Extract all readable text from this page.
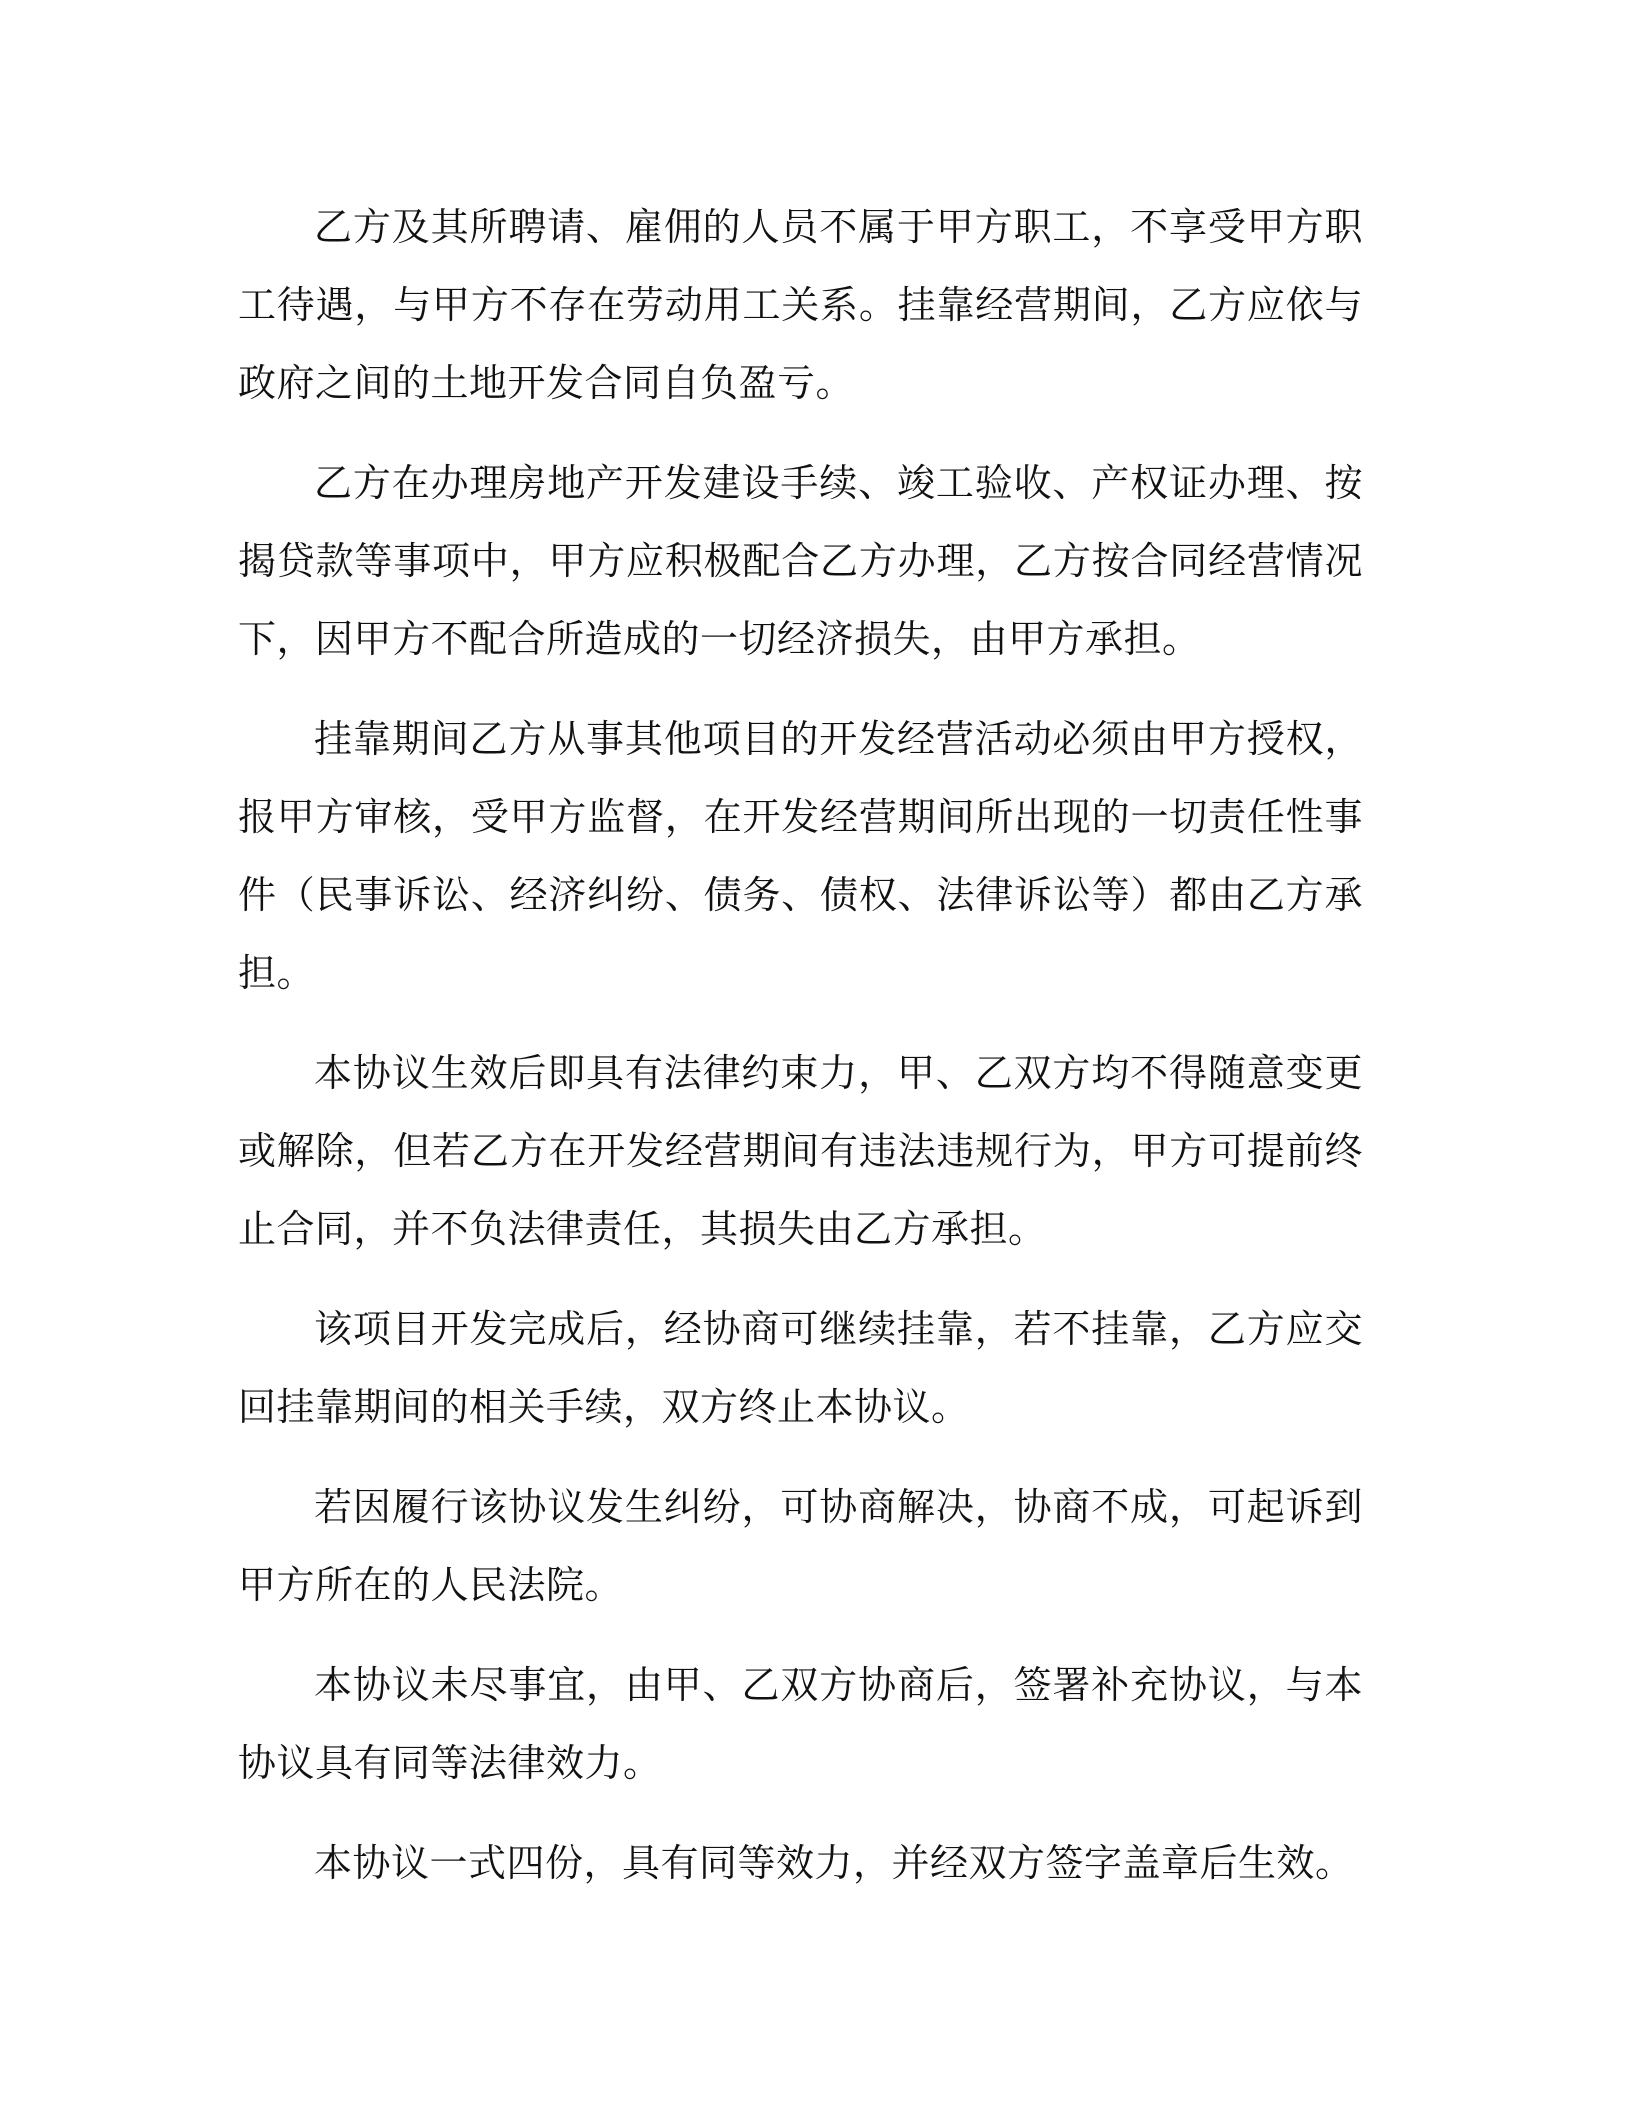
乙方及其所聘请、雇佣的人员不属于甲方职工，不享受甲方职工待遇，与甲方不存在劳动用工关系。挂靠经营期间，乙方应依与政府之间的土地开发合同自负盈亏。

乙方在办理房地产开发建设手续、竣工验收、产权证办理、按揭贷款等事项中，甲方应积极配合乙方办理，乙方按合同经营情况下，因甲方不配合所造成的一切经济损失，由甲方承担。

挂靠期间乙方从事其他项目的开发经营活动必须由甲方授权，报甲方审核，受甲方监督，在开发经营期间所出现的一切责任性事件（民事诉讼、经济纠纷、债务、债权、法律诉讼等）都由乙方承担。

本协议生效后即具有法律约束力，甲、乙双方均不得随意变更或解除，但若乙方在开发经营期间有违法违规行为，甲方可提前终止合同，并不负法律责任，其损失由乙方承担。

该项目开发完成后，经协商可继续挂靠，若不挂靠，乙方应交回挂靠期间的相关手续，双方终止本协议。

若因履行该协议发生纠纷，可协商解决，协商不成，可起诉到甲方所在的人民法院。

本协议未尽事宜，由甲、乙双方协商后，签署补充协议，与本协议具有同等法律效力。

本协议一式四份，具有同等效力，并经双方签字盖章后生效。
